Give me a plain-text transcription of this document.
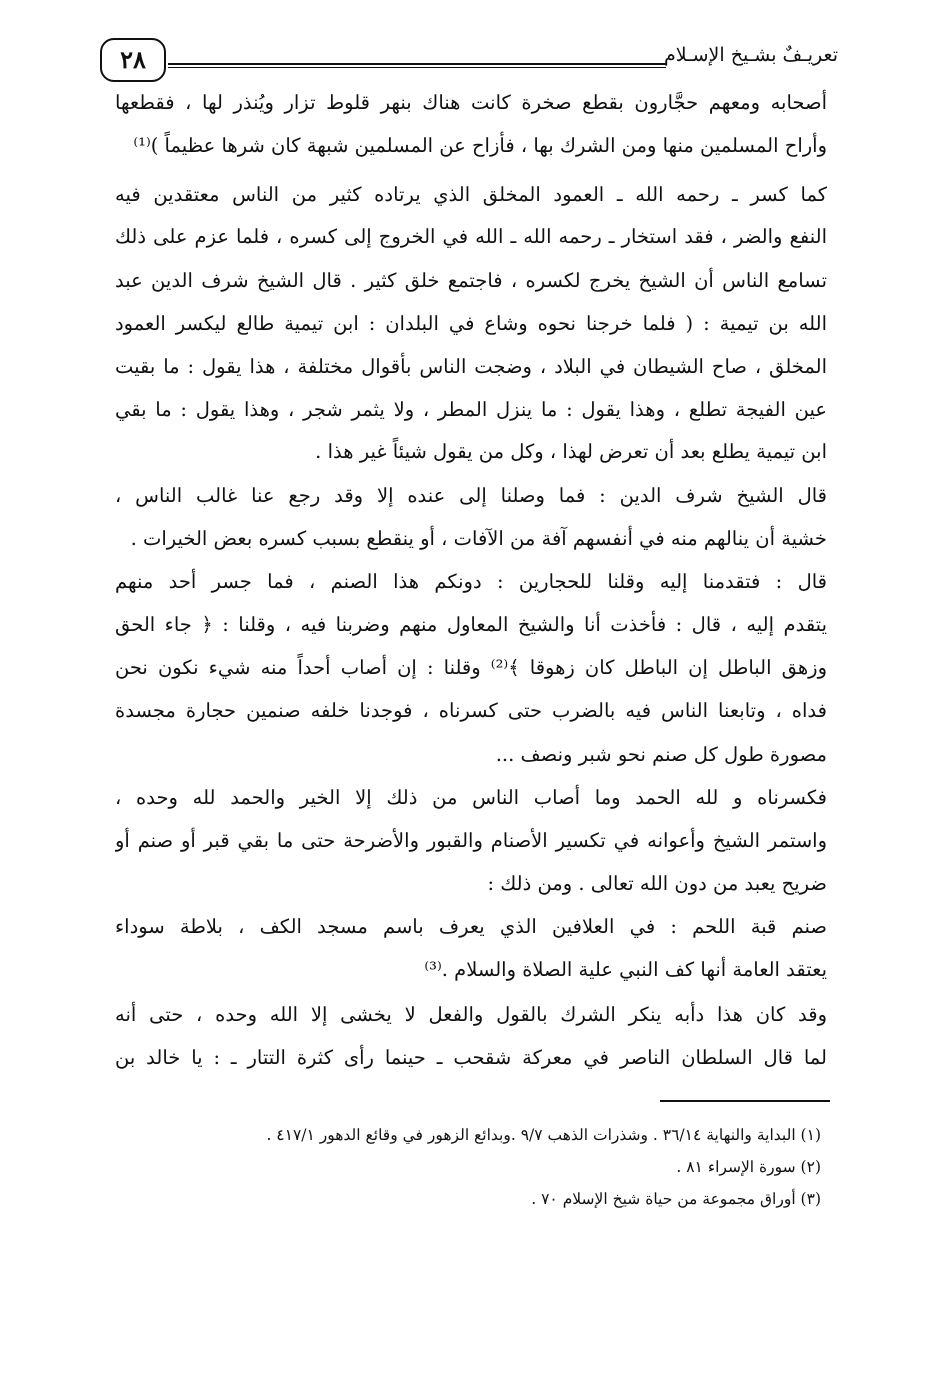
تعريـفٌ بشـيخ الإسـلام
٢٨
أصحابه ومعهم حجَّارون بقطع صخرة كانت هناك بنهر قلوط تزار ويُنذر لها ، فقطعها
وأراح المسلمين منها ومن الشرك بها ، فأزاح عن المسلمين شبهة كان شرها عظيماً )⁽¹⁾
كما كسر ـ رحمه الله ـ العمود المخلق الذي يرتاده كثير من الناس معتقدين فيه
النفع والضر ، فقد استخار ـ رحمه الله ـ الله في الخروج إلى كسره ، فلما عزم على ذلك
تسامع الناس أن الشيخ يخرج لكسره ، فاجتمع خلق كثير . قال الشيخ شرف الدين عبد
الله بن تيمية : ( فلما خرجنا نحوه وشاع في البلدان : ابن تيمية طالع ليكسر العمود
المخلق ، صاح الشيطان في البلاد ، وضجت الناس بأقوال مختلفة ، هذا يقول : ما بقيت
عين الفيجة تطلع ، وهذا يقول : ما ينزل المطر ، ولا يثمر شجر ، وهذا يقول : ما بقي
ابن تيمية يطلع بعد أن تعرض لهذا ، وكل من يقول شيئاً غير هذا .
قال الشيخ شرف الدين : فما وصلنا إلى عنده إلا وقد رجع عنا غالب الناس ،
خشية أن ينالهم منه في أنفسهم آفة من الآفات ، أو ينقطع بسبب كسره بعض الخيرات .
قال : فتقدمنا إليه وقلنا للحجارين : دونكم هذا الصنم ، فما جسر أحد منهم
يتقدم إليه ، قال : فأخذت أنا والشيخ المعاول منهم وضربنا فيه ، وقلنا : ﴿ جاء الحق
وزهق الباطل إن الباطل كان زهوقا ﴾⁽²⁾ وقلنا : إن أصاب أحداً منه شيء نكون نحن
فداه ، وتابعنا الناس فيه بالضرب حتى كسرناه ، فوجدنا خلفه صنمين حجارة مجسدة
مصورة طول كل صنم نحو شبر ونصف ...
فكسرناه و لله الحمد وما أصاب الناس من ذلك إلا الخير والحمد لله وحده ،
واستمر الشيخ وأعوانه في تكسير الأصنام والقبور والأضرحة حتى ما بقي قبر أو صنم أو
ضريح يعبد من دون الله تعالى . ومن ذلك :
صنم قبة اللحم : في العلافين الذي يعرف باسم مسجد الكف ، بلاطة سوداء
يعتقد العامة أنها كف النبي علية الصلاة والسلام .⁽³⁾
وقد كان هذا دأبه ينكر الشرك بالقول والفعل لا يخشى إلا الله وحده ، حتى أنه
لما قال السلطان الناصر في معركة شقحب ـ حينما رأى كثرة التتار ـ : يا خالد بن
(١) البداية والنهاية ٣٦/١٤ . وشذرات الذهب ٩/٧ .وبدائع الزهور في وقائع الدهور ٤١٧/١ .
(٢) سورة الإسراء ٨١ .
(٣) أوراق مجموعة من حياة شيخ الإسلام ٧٠ .
